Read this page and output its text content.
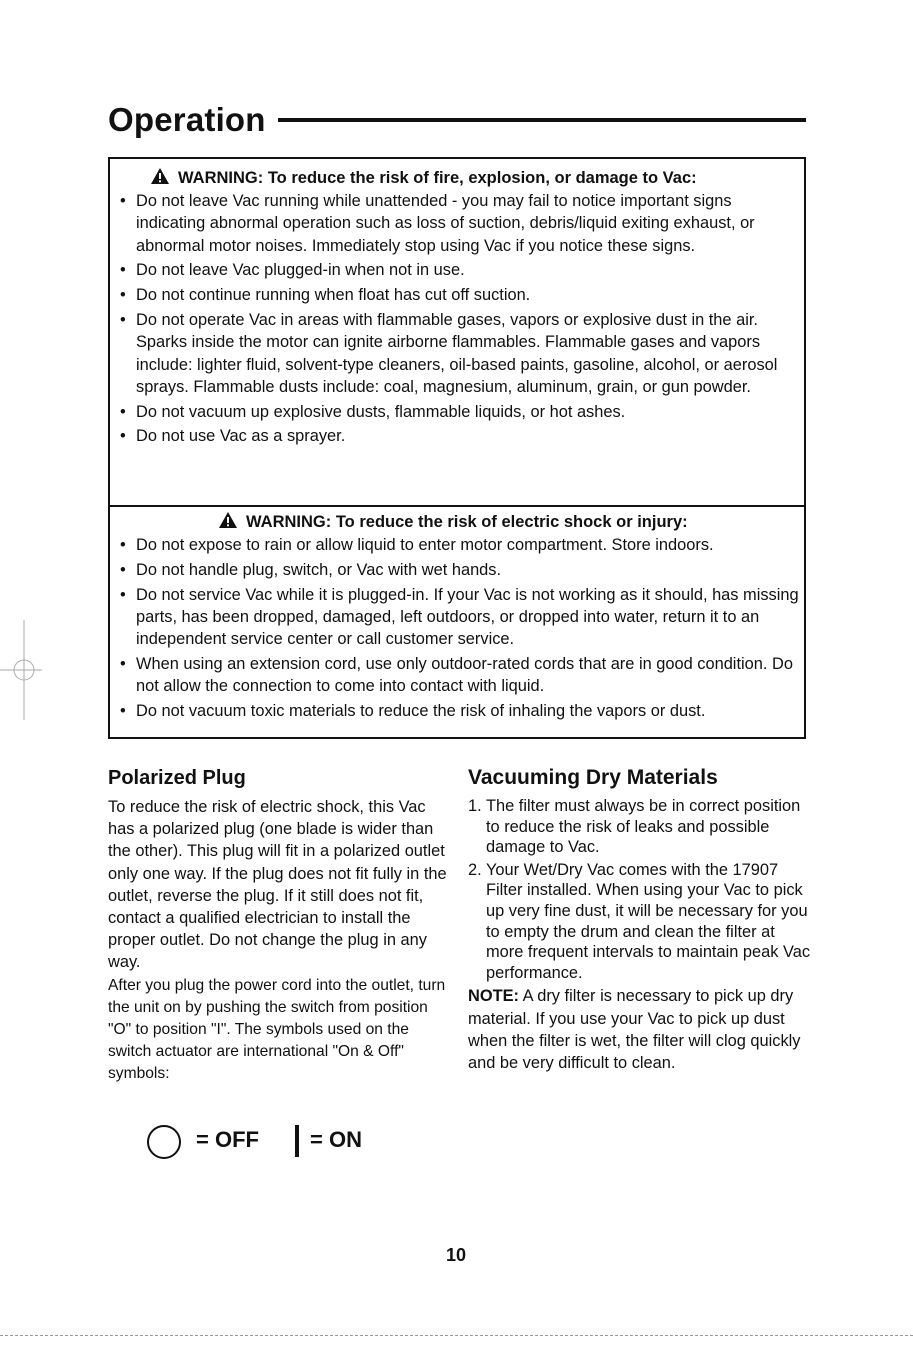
Operation
WARNING: To reduce the risk of fire, explosion, or damage to Vac:
• Do not leave Vac running while unattended - you may fail to notice important signs indicating abnormal operation such as loss of suction, debris/liquid exiting exhaust, or abnormal motor noises. Immediately stop using Vac if you notice these signs.
• Do not leave Vac plugged-in when not in use.
• Do not continue running when float has cut off suction.
• Do not operate Vac in areas with flammable gases, vapors or explosive dust in the air. Sparks inside the motor can ignite airborne flammables. Flammable gases and vapors include: lighter fluid, solvent-type cleaners, oil-based paints, gasoline, alcohol, or aerosol sprays. Flammable dusts include: coal, magnesium, aluminum, grain, or gun powder.
• Do not vacuum up explosive dusts, flammable liquids, or hot ashes.
• Do not use Vac as a sprayer.
WARNING: To reduce the risk of electric shock or injury:
• Do not expose to rain or allow liquid to enter motor compartment. Store indoors.
• Do not handle plug, switch, or Vac with wet hands.
• Do not service Vac while it is plugged-in. If your Vac is not working as it should, has missing parts, has been dropped, damaged, left outdoors, or dropped into water, return it to an independent service center or call customer service.
• When using an extension cord, use only outdoor-rated cords that are in good condition. Do not allow the connection to come into contact with liquid.
• Do not vacuum toxic materials to reduce the risk of inhaling the vapors or dust.
Polarized Plug

To reduce the risk of electric shock, this Vac has a polarized plug (one blade is wider than the other). This plug will fit in a polarized outlet only one way. If the plug does not fit fully in the outlet, reverse the plug. If it still does not fit, contact a qualified electrician to install the proper outlet. Do not change the plug in any way.

After you plug the power cord into the outlet, turn the unit on by pushing the switch from position "O" to position "I". The symbols used on the switch actuator are international "On & Off" symbols:

= OFF = ON
Vacuuming Dry Materials
1. The filter must always be in correct position to reduce the risk of leaks and possible damage to Vac.
2. Your Wet/Dry Vac comes with the 17907 Filter installed. When using your Vac to pick up very fine dust, it will be necessary for you to empty the drum and clean the filter at more frequent intervals to maintain peak Vac performance.

NOTE: A dry filter is necessary to pick up dry material. If you use your Vac to pick up dust when the filter is wet, the filter will clog quickly and be very difficult to clean.

10
